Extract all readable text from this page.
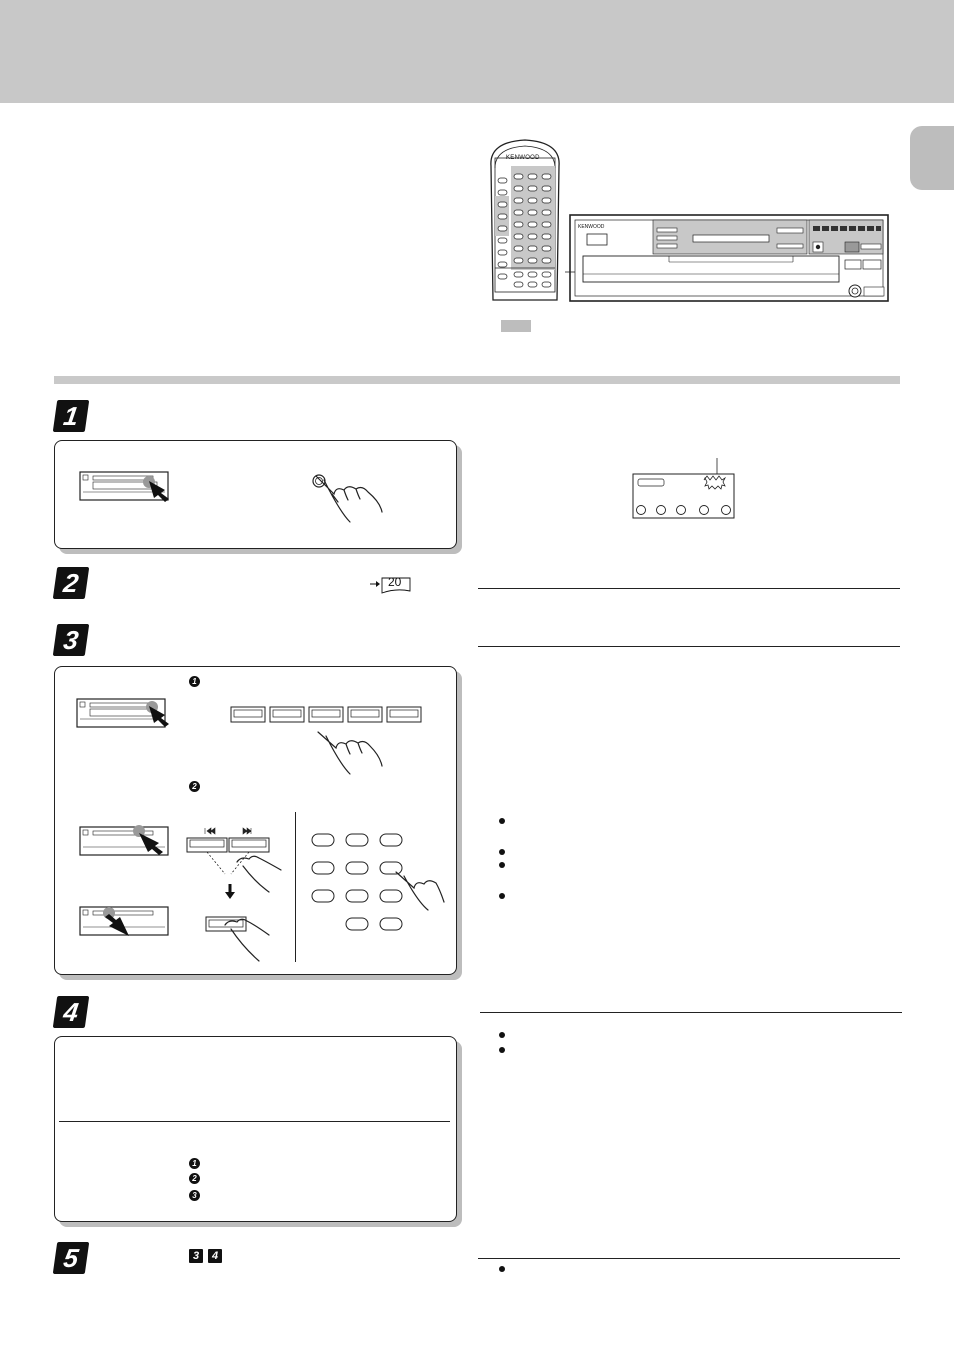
KENWOOD
KENWOOD
1
2	20
3
1
2
4
1
2
3
5	3	4
